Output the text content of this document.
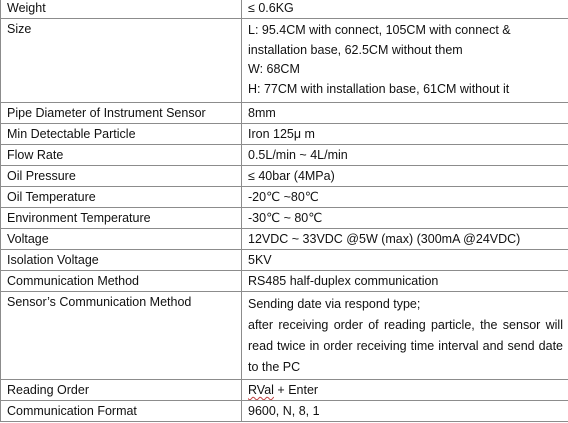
Weight	≤ 0.6KG
Size	L: 95.4CM with connect, 105CM with connect &
installation base, 62.5CM without them
W: 68CM
H: 77CM with installation base, 61CM without it

Pipe Diameter of Instrument Sensor	8mm
Min Detectable Particle	Iron 125μ m
Flow Rate	0.5L/min ~ 4L/min
Oil Pressure	≤ 40bar (4MPa)
Oil Temperature	-20℃ ~80℃
Environment Temperature	-30℃ ~ 80℃
Voltage	12VDC ~ 33VDC @5W (max) (300mA @24VDC)
Isolation Voltage	5KV
Communication Method	RS485 half-duplex communication
Sensor’s Communication Method	Sending date via respond type;
after receiving order of reading particle, the sensor will read twice in order receiving time interval and send date to the PC

Reading Order	RVal + Enter
Communication Format	9600, N, 8, 1
